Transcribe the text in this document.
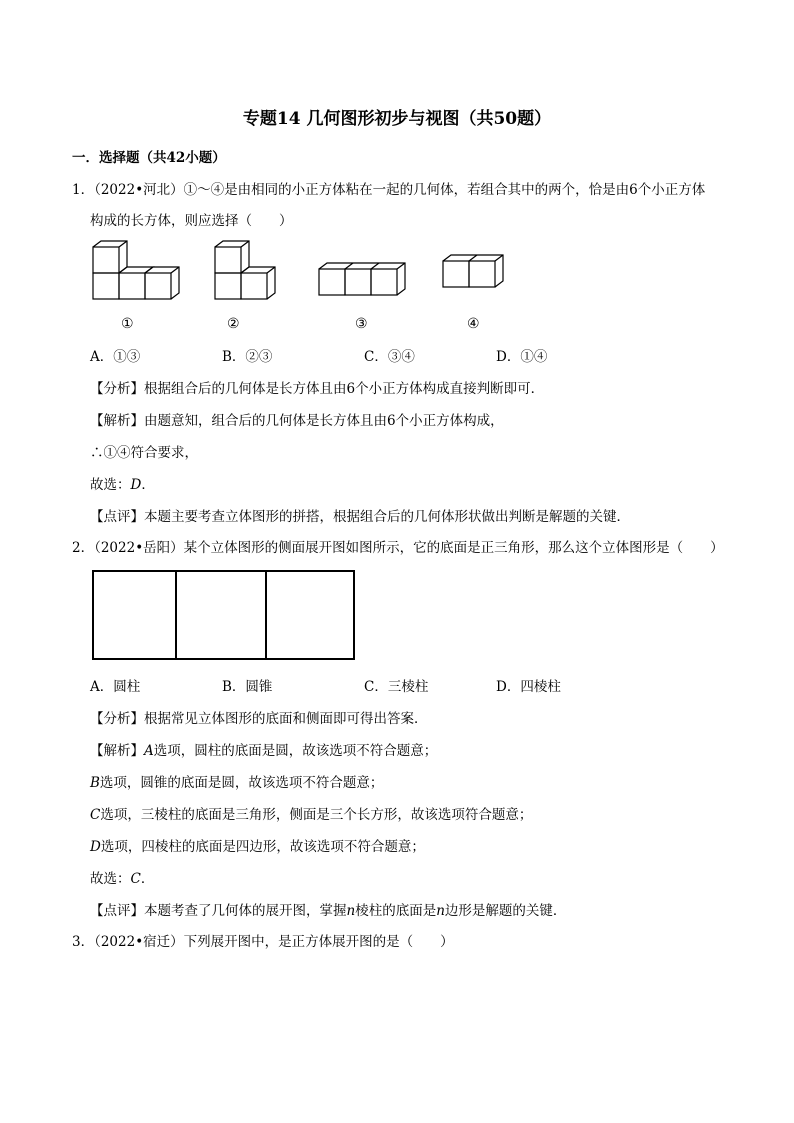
专题14 几何图形初步与视图（共50题）
一．选择题（共42小题）
1．（2022•河北）①～④是由相同的小正方体粘在一起的几何体，若组合其中的两个，恰是由6个小正方体
构成的长方体，则应选择（　　）
①	②	③	④
A．①③	B．②③	C．③④	D．①④
【分析】根据组合后的几何体是长方体且由6个小正方体构成直接判断即可．
【解析】由题意知，组合后的几何体是长方体且由6个小正方体构成，
∴①④符合要求，
故选：D．
【点评】本题主要考查立体图形的拼搭，根据组合后的几何体形状做出判断是解题的关键．
2．（2022•岳阳）某个立体图形的侧面展开图如图所示，它的底面是正三角形，那么这个立体图形是（　　）
A．圆柱	B．圆锥	C．三棱柱	D．四棱柱
【分析】根据常见立体图形的底面和侧面即可得出答案．
【解析】A选项，圆柱的底面是圆，故该选项不符合题意；
B选项，圆锥的底面是圆，故该选项不符合题意；
C选项，三棱柱的底面是三角形，侧面是三个长方形，故该选项符合题意；
D选项，四棱柱的底面是四边形，故该选项不符合题意；
故选：C．
【点评】本题考查了几何体的展开图，掌握n棱柱的底面是n边形是解题的关键．
3．（2022•宿迁）下列展开图中，是正方体展开图的是（　　）
